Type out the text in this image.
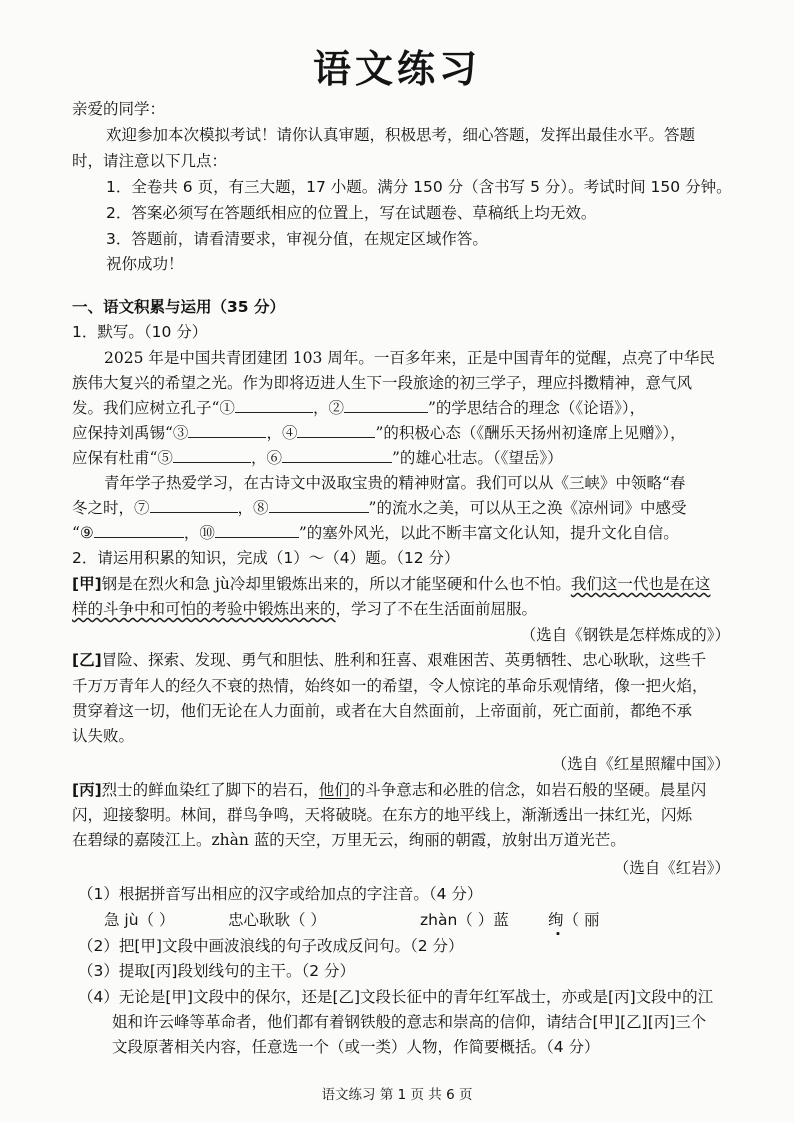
语文练习
亲爱的同学：
欢迎参加本次模拟考试！请你认真审题，积极思考，细心答题，发挥出最佳水平。答题
时，请注意以下几点：
1．全卷共 6 页，有三大题，17 小题。满分 150 分（含书写 5 分）。考试时间 150 分钟。
2．答案必须写在答题纸相应的位置上，写在试题卷、草稿纸上均无效。
3．答题前，请看清要求，审视分值，在规定区域作答。
祝你成功！
一、语文积累与运用（35 分）
1．默写。（10 分）
2025 年是中国共青团建团 103 周年。一百多年来，正是中国青年的觉醒，点亮了中华民
族伟大复兴的希望之光。作为即将迈进人生下一段旅途的初三学子，理应抖擞精神，意气风
发。我们应树立孔子“①	，②	”的学思结合的理念（《论语》），
应保持刘禹锡“③	，④	”的积极心态（《酬乐天扬州初逢席上见赠》），
应保有杜甫“⑤	，⑥	”的雄心壮志。（《望岳》）
青年学子热爱学习，在古诗文中汲取宝贵的精神财富。我们可以从《三峡》中领略“春
冬之时，⑦	，⑧	”的流水之美，可以从王之涣《凉州词》中感受
“⑨	，⑩	”的塞外风光，以此不断丰富文化认知，提升文化自信。
2．请运用积累的知识，完成（1）～（4）题。（12 分）
[甲]钢是在烈火和急 jù冷却里锻炼出来的，所以才能坚硬和什么也不怕。我们这一代也是在这
样的斗争中和可怕的考验中锻炼出来的，学习了不在生活面前屈服。
（选自《钢铁是怎样炼成的》）
[乙]冒险、探索、发现、勇气和胆怯、胜利和狂喜、艰难困苦、英勇牺牲、忠心耿耿，这些千
千万万青年人的经久不衰的热情，始终如一的希望，令人惊诧的革命乐观情绪，像一把火焰，
贯穿着这一切，他们无论在人力面前，或者在大自然面前，上帝面前，死亡面前，都绝不承
认失败。
（选自《红星照耀中国》）
[丙]烈士的鲜血染红了脚下的岩石，他们的斗争意志和必胜的信念，如岩石般的坚硬。晨星闪
闪，迎接黎明。林间，群鸟争鸣，天将破晓。在东方的地平线上，渐渐透出一抹红光，闪烁
在碧绿的嘉陵江上。zhàn 蓝的天空，万里无云，绚丽的朝霞，放射出万道光芒。
（选自《红岩》）
（1）根据拼音写出相应的汉字或给加点的字注音。（4 分）
急 jù（ ）	忠心耿耿（ ）	zhàn（ ）蓝	绚（ 丽
（2）把[甲]文段中画波浪线的句子改成反问句。（2 分）
（3）提取[丙]段划线句的主干。（2 分）
（4）无论是[甲]文段中的保尔，还是[乙]文段长征中的青年红军战士，亦或是[丙]文段中的江
姐和许云峰等革命者，他们都有着钢铁般的意志和崇高的信仰，请结合[甲][乙][丙]三个
文段原著相关内容，任意选一个（或一类）人物，作简要概括。（4 分）
语文练习 第 1 页 共 6 页
